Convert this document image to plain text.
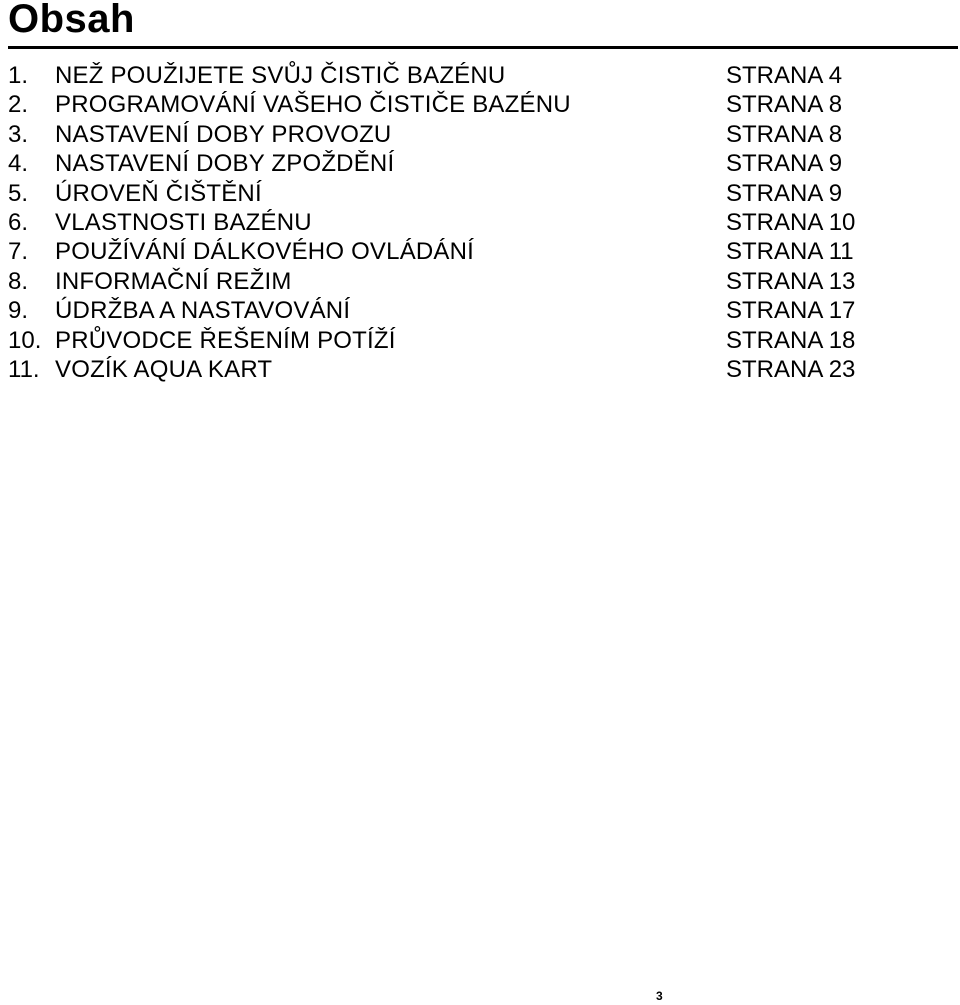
Obsah
1. NEŽ POUŽIJETE SVŮJ ČISTIČ BAZÉNU	STRANA 4
2. PROGRAMOVÁNÍ VAŠEHO ČISTIČE BAZÉNU	STRANA 8
3. NASTAVENÍ DOBY PROVOZU	STRANA 8
4. NASTAVENÍ DOBY ZPOŽDĚNÍ	STRANA 9
5. ÚROVEŇ ČIŠTĚNÍ	STRANA 9
6. VLASTNOSTI BAZÉNU	STRANA 10
7. POUŽÍVÁNÍ DÁLKOVÉHO OVLÁDÁNÍ	STRANA 11
8. INFORMAČNÍ REŽIM	STRANA 13
9. ÚDRŽBA A NASTAVOVÁNÍ	STRANA 17
10. PRŮVODCE ŘEŠENÍM POTÍŽÍ	STRANA 18
11. VOZÍK AQUA KART	STRANA 23
3
